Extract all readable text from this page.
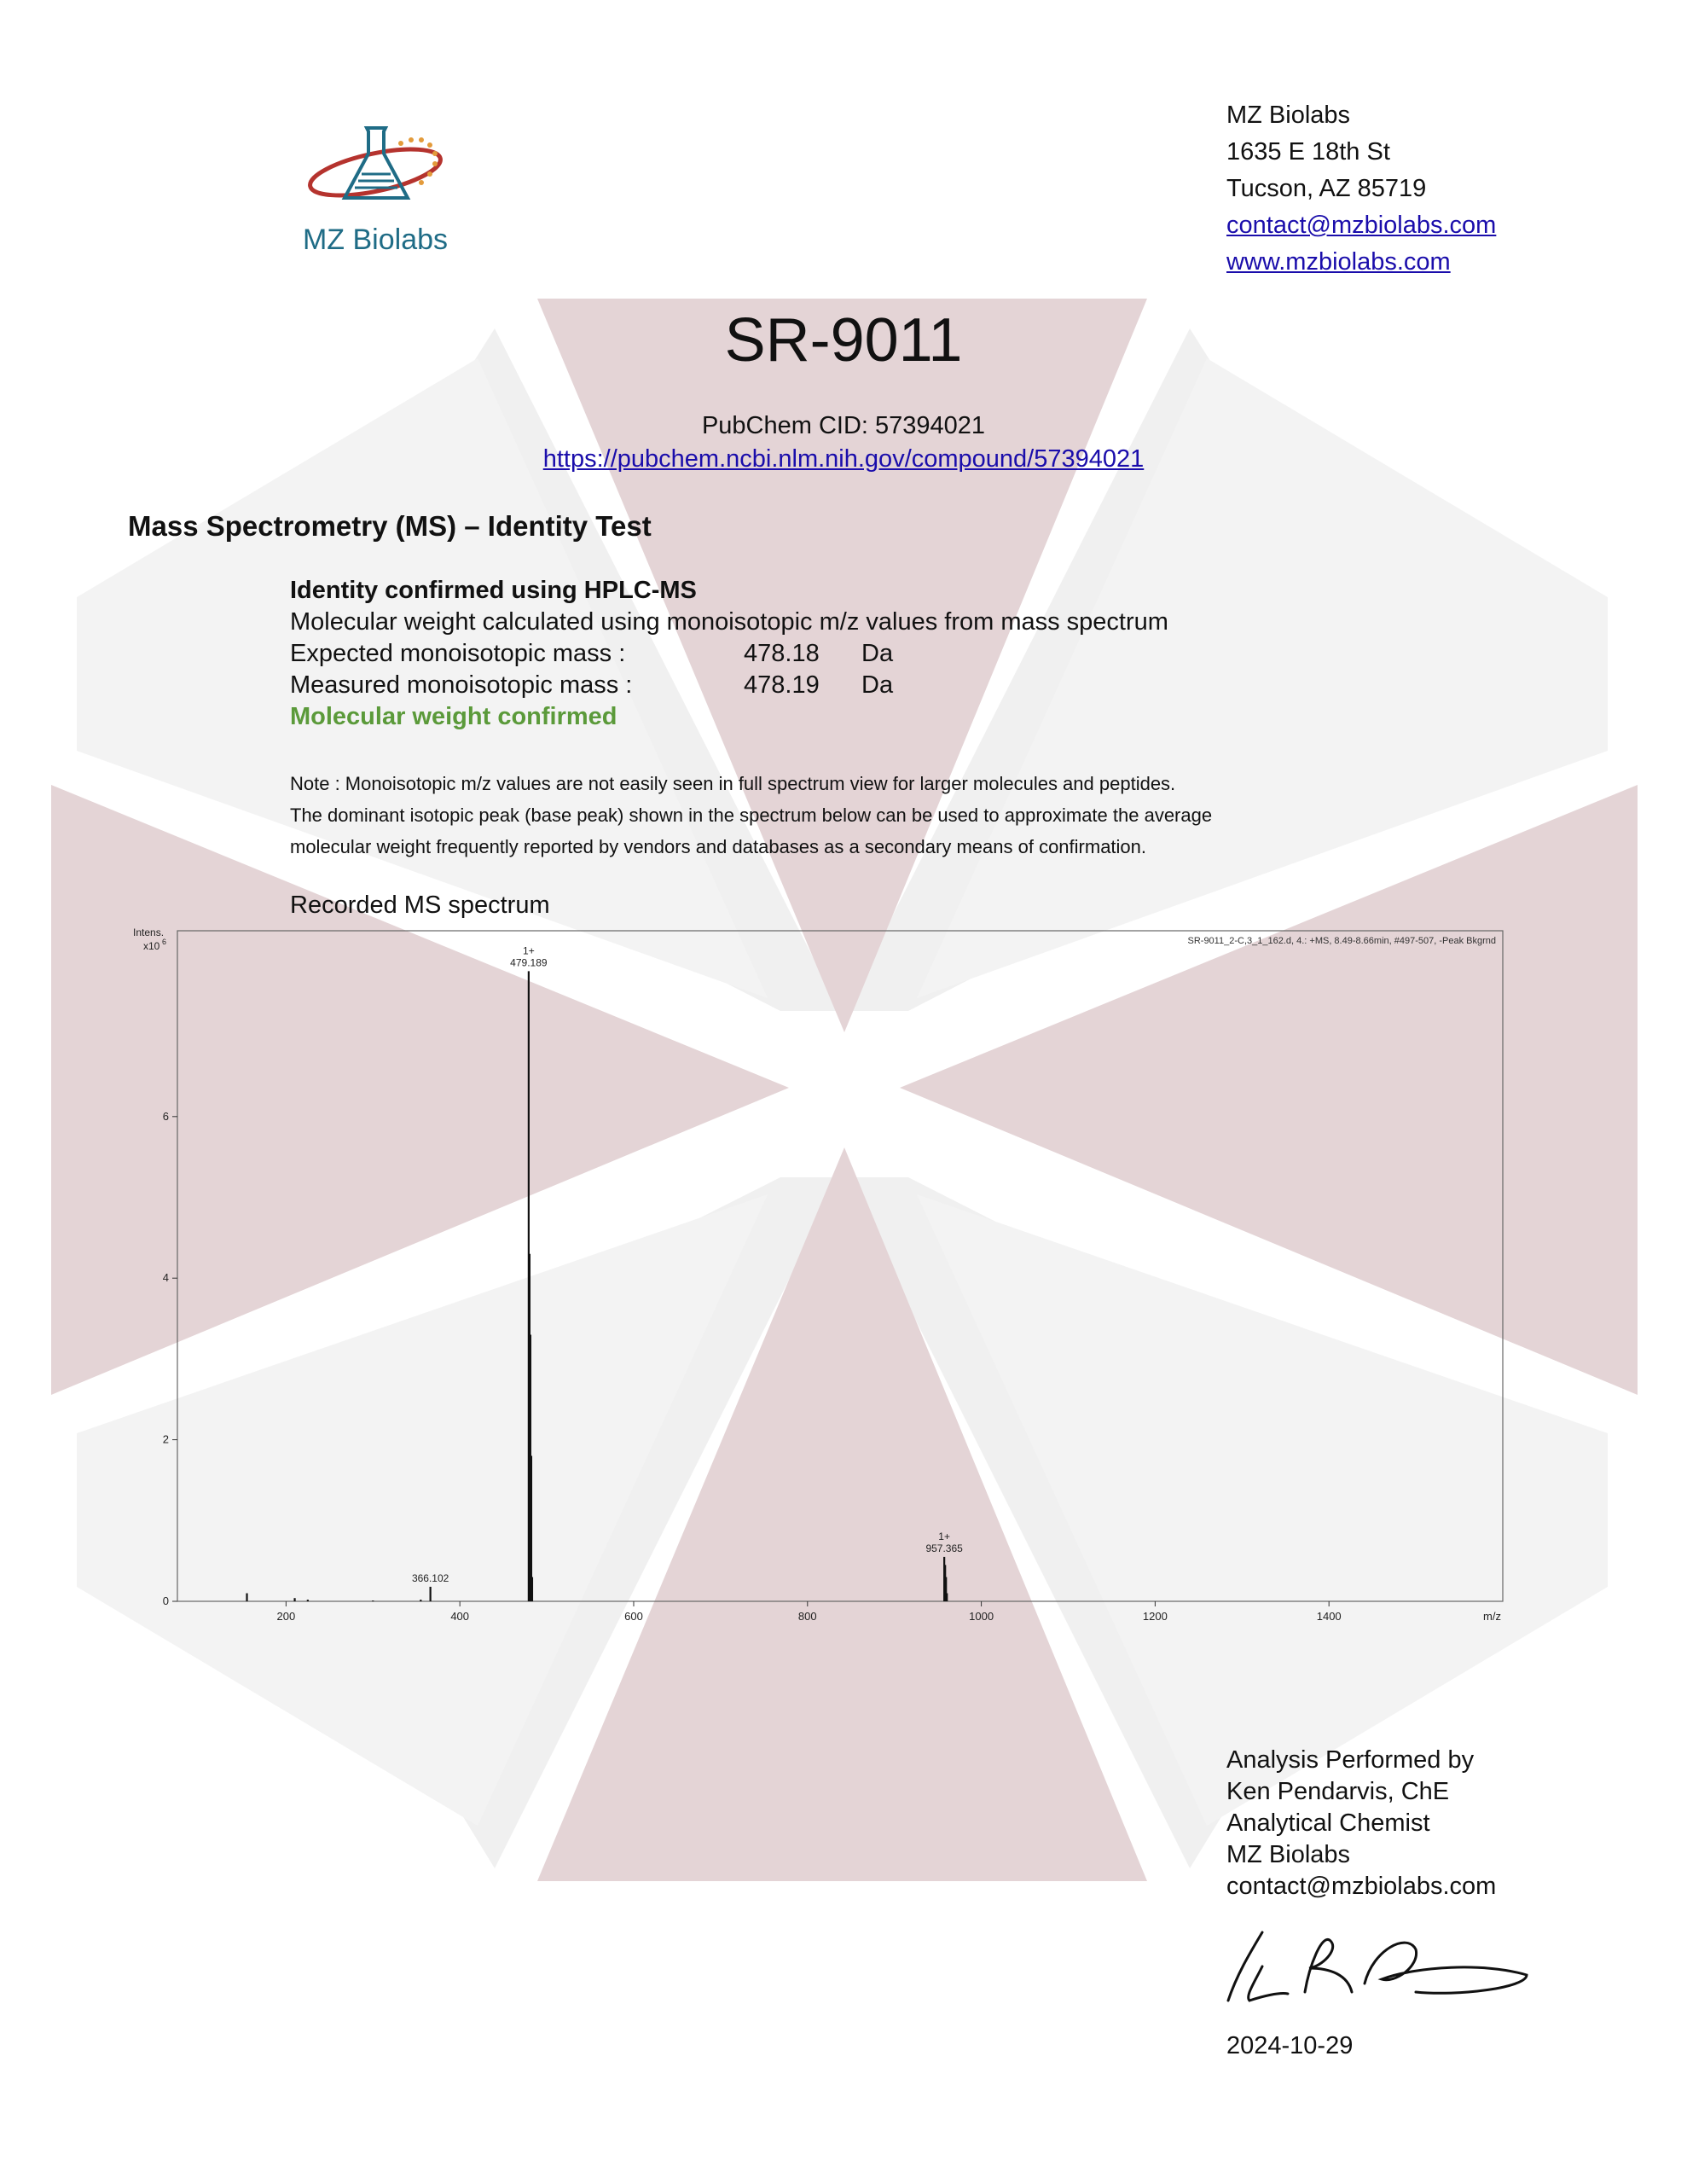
MZ Biolabs
MZ Biolabs
1635 E 18th St
Tucson, AZ 85719
contact@mzbiolabs.com
www.mzbiolabs.com
SR-9011
PubChem CID: 57394021
https://pubchem.ncbi.nlm.nih.gov/compound/57394021
Mass Spectrometry (MS) – Identity Test
Identity confirmed using HPLC-MS
Molecular weight calculated using monoisotopic m/z values from mass spectrum
Expected monoisotopic mass :	478.18 Da
Measured monoisotopic mass :	478.19 Da
Molecular weight confirmed
Note : Monoisotopic m/z values are not easily seen in full spectrum view for larger molecules and peptides.
The dominant isotopic peak (base peak) shown in the spectrum below can be used to approximate the average
molecular weight frequently reported by vendors and databases as a secondary means of confirmation.
Recorded MS spectrum
200	400	600	800	1000	1200	1400
0
2
4
6
1+
479.189
366.102
1+
957.365
Intens.
x10 6	SR-9011_2-C,3_1_162.d, 4.: +MS, 8.49-8.66min, #497-507, -Peak Bkgrnd
m/z
Analysis Performed by
Ken Pendarvis, ChE
Analytical Chemist
MZ Biolabs
contact@mzbiolabs.com
2024-10-29
